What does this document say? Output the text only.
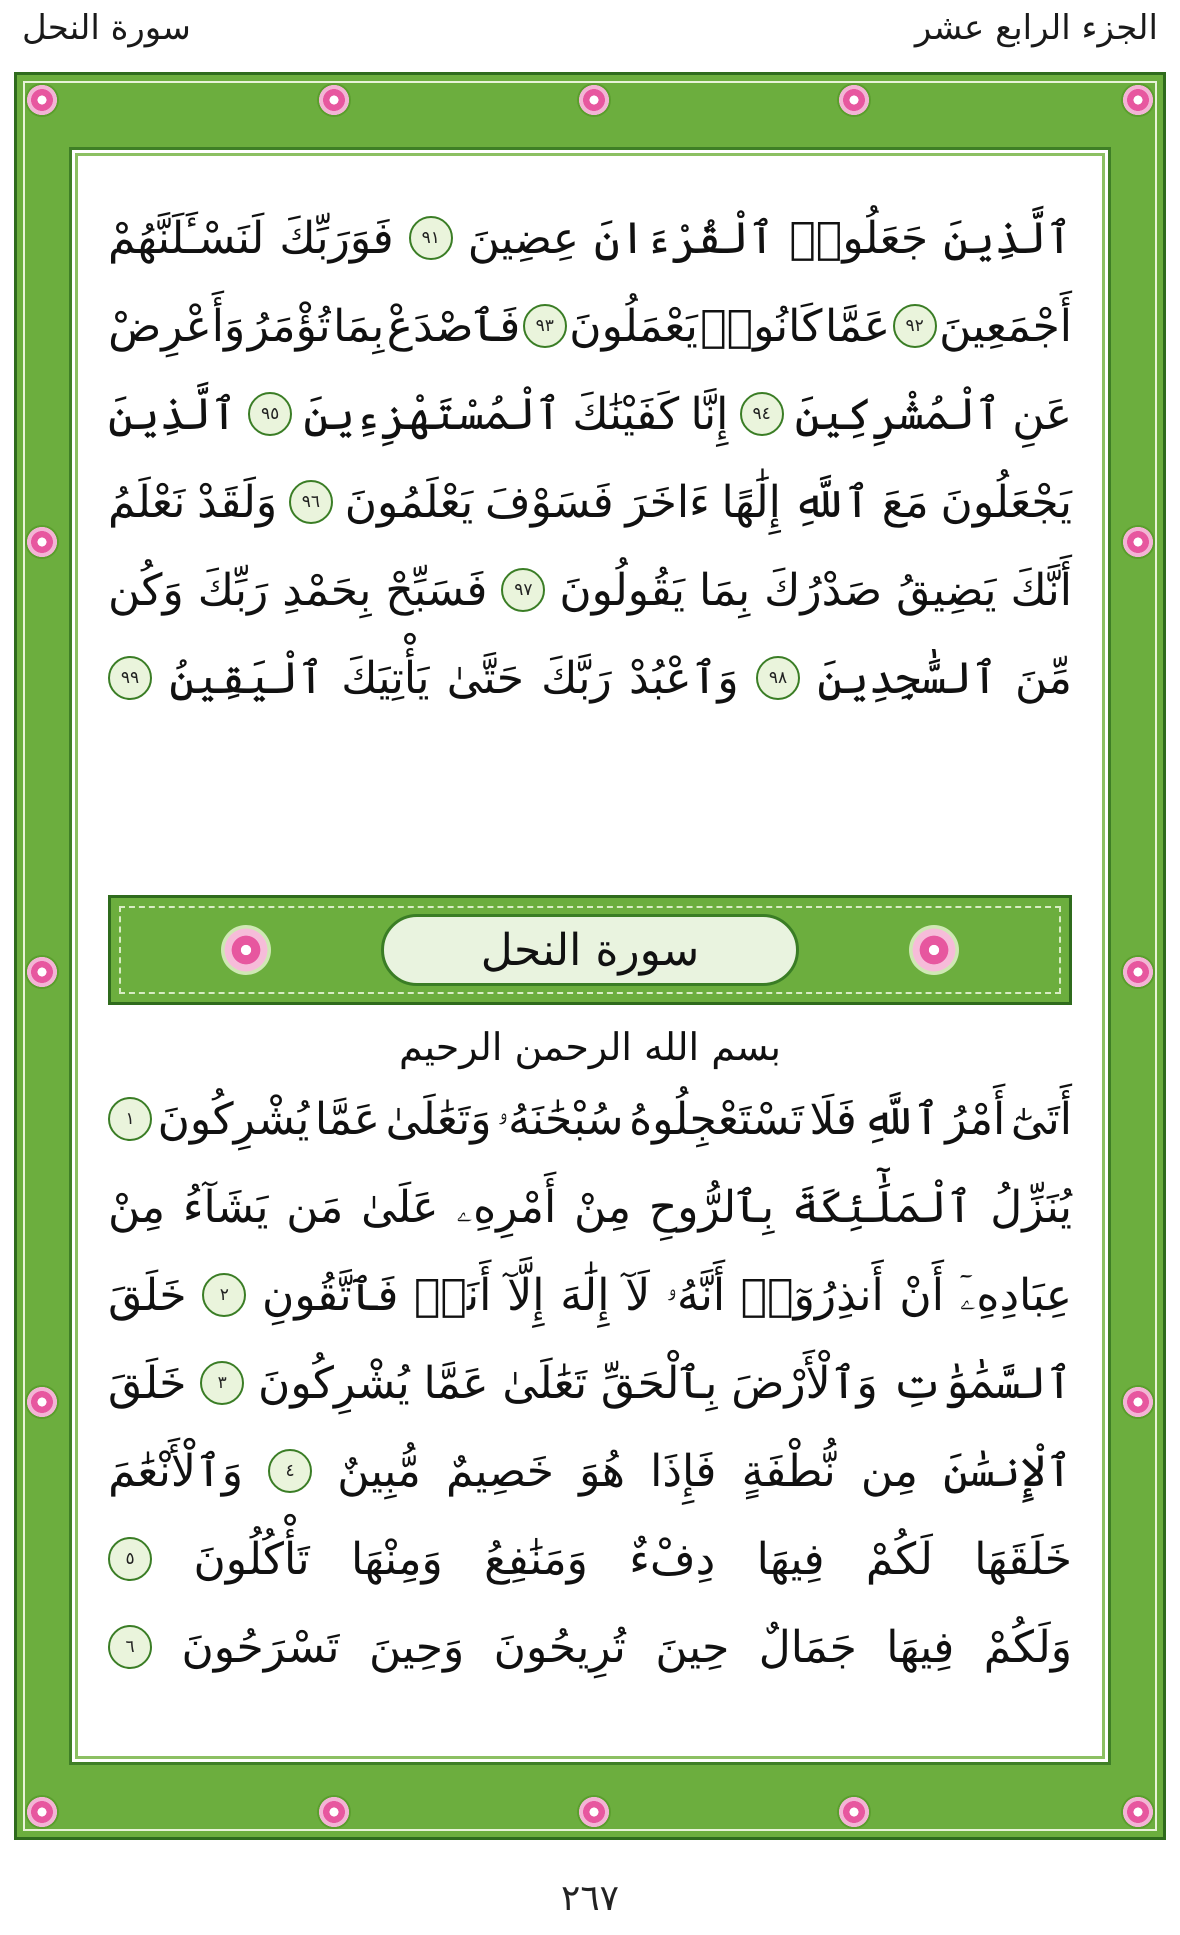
الجزء الرابع عشر
سورة النحل
ٱلَّذِينَ
جَعَلُوا۟
ٱلْقُرْءَانَ
عِضِينَ
٩١
فَوَرَبِّكَ
لَنَسْـَٔلَنَّهُمْ
أَجْمَعِينَ
٩٢
عَمَّا
كَانُوا۟
يَعْمَلُونَ
٩٣
فَٱصْدَعْ
بِمَا
تُؤْمَرُ
وَأَعْرِضْ
عَنِ
ٱلْمُشْرِكِينَ
٩٤
إِنَّا
كَفَيْنَٰكَ
ٱلْمُسْتَهْزِءِينَ
٩٥
ٱلَّذِينَ
يَجْعَلُونَ
مَعَ
ٱللَّهِ
إِلَٰهًا
ءَاخَرَ
فَسَوْفَ
يَعْلَمُونَ
٩٦
وَلَقَدْ
نَعْلَمُ
أَنَّكَ
يَضِيقُ
صَدْرُكَ
بِمَا
يَقُولُونَ
٩٧
فَسَبِّحْ
بِحَمْدِ
رَبِّكَ
وَكُن
مِّنَ
ٱلسَّٰجِدِينَ
٩٨
وَٱعْبُدْ
رَبَّكَ
حَتَّىٰ
يَأْتِيَكَ
ٱلْيَقِينُ
٩٩
سورة النحل
بسم الله الرحمن الرحيم
أَتَىٰٓ
أَمْرُ
ٱللَّهِ
فَلَا
تَسْتَعْجِلُوهُ
سُبْحَٰنَهُۥ
وَتَعَٰلَىٰ
عَمَّا
يُشْرِكُونَ
١
يُنَزِّلُ
ٱلْمَلَٰٓئِكَةَ
بِٱلرُّوحِ
مِنْ
أَمْرِهِۦ
عَلَىٰ
مَن
يَشَآءُ
مِنْ
عِبَادِهِۦٓ
أَنْ
أَنذِرُوٓا۟
أَنَّهُۥ
لَآ
إِلَٰهَ
إِلَّآ
أَنَا۠
فَٱتَّقُونِ
٢
خَلَقَ
ٱلسَّمَٰوَٰتِ
وَٱلْأَرْضَ
بِٱلْحَقِّ
تَعَٰلَىٰ
عَمَّا
يُشْرِكُونَ
٣
خَلَقَ
ٱلْإِنسَٰنَ
مِن
نُّطْفَةٍ
فَإِذَا
هُوَ
خَصِيمٌ
مُّبِينٌ
٤
وَٱلْأَنْعَٰمَ
خَلَقَهَا
لَكُمْ
فِيهَا
دِفْءٌ
وَمَنَٰفِعُ
وَمِنْهَا
تَأْكُلُونَ
٥
وَلَكُمْ
فِيهَا
جَمَالٌ
حِينَ
تُرِيحُونَ
وَحِينَ
تَسْرَحُونَ
٦
٢٦٧
